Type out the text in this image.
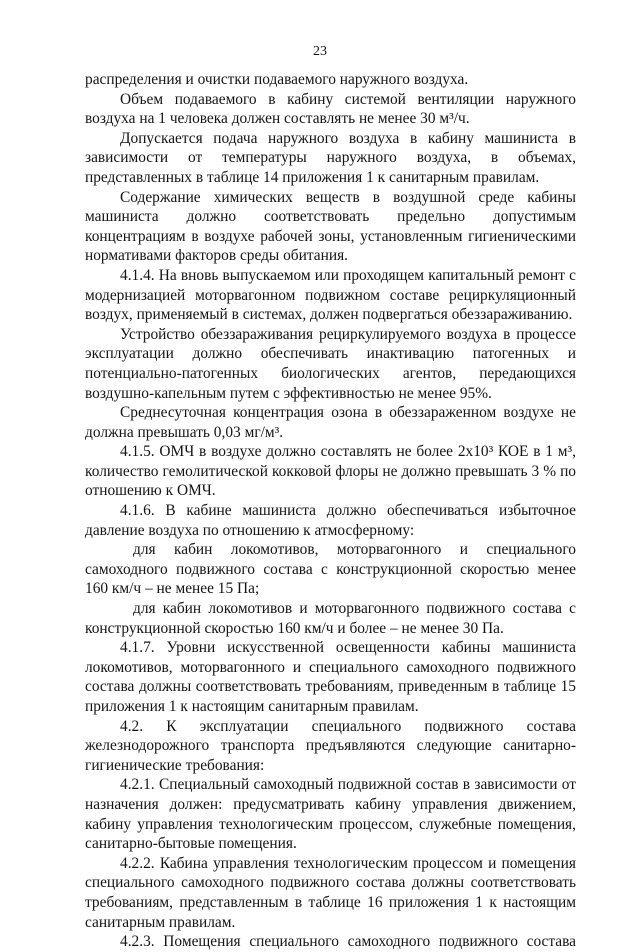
23

распределения и очистки подаваемого наружного воздуха.

Объем подаваемого в кабину системой вентиляции наружного воздуха на 1 человека должен составлять не менее 30 м³/ч.

Допускается подача наружного воздуха в кабину машиниста в зависимости от температуры наружного воздуха, в объемах, представленных в таблице 14 приложения 1 к санитарным правилам.

Содержание химических веществ в воздушной среде кабины машиниста должно соответствовать предельно допустимым концентрациям в воздухе рабочей зоны, установленным гигиеническими нормативами факторов среды обитания.

4.1.4. На вновь выпускаемом или проходящем капитальный ремонт с модернизацией моторвагонном подвижном составе рециркуляционный воздух, применяемый в системах, должен подвергаться обеззараживанию.

Устройство обеззараживания рециркулируемого воздуха в процессе эксплуатации должно обеспечивать инактивацию патогенных и потенциально-патогенных биологических агентов, передающихся воздушно-капельным путем с эффективностью не менее 95%.

Среднесуточная концентрация озона в обеззараженном воздухе не должна превышать 0,03 мг/м³.

4.1.5. ОМЧ в воздухе должно составлять не более 2х10³ КОЕ в 1 м³, количество гемолитической кокковой флоры не должно превышать 3 % по отношению к ОМЧ.

4.1.6. В кабине машиниста должно обеспечиваться избыточное давление воздуха по отношению к атмосферному:

для кабин локомотивов, моторвагонного и специального самоходного подвижного состава с конструкционной скоростью менее 160 км/ч – не менее 15 Па;

для кабин локомотивов и моторвагонного подвижного состава с конструкционной скоростью 160 км/ч и более – не менее 30 Па.

4.1.7. Уровни искусственной освещенности кабины машиниста локомотивов, моторвагонного и специального самоходного подвижного состава должны соответствовать требованиям, приведенным в таблице 15 приложения 1 к настоящим санитарным правилам.

4.2. К эксплуатации специального подвижного состава железнодорожного транспорта предъявляются следующие санитарно-гигиенические требования:

4.2.1. Специальный самоходный подвижной состав в зависимости от назначения должен: предусматривать кабину управления движением, кабину управления технологическим процессом, служебные помещения, санитарно-бытовые помещения.

4.2.2. Кабина управления технологическим процессом и помещения специального самоходного подвижного состава должны соответствовать требованиям, представленным в таблице 16 приложения 1 к настоящим санитарным правилам.

4.2.3. Помещения специального самоходного подвижного состава
